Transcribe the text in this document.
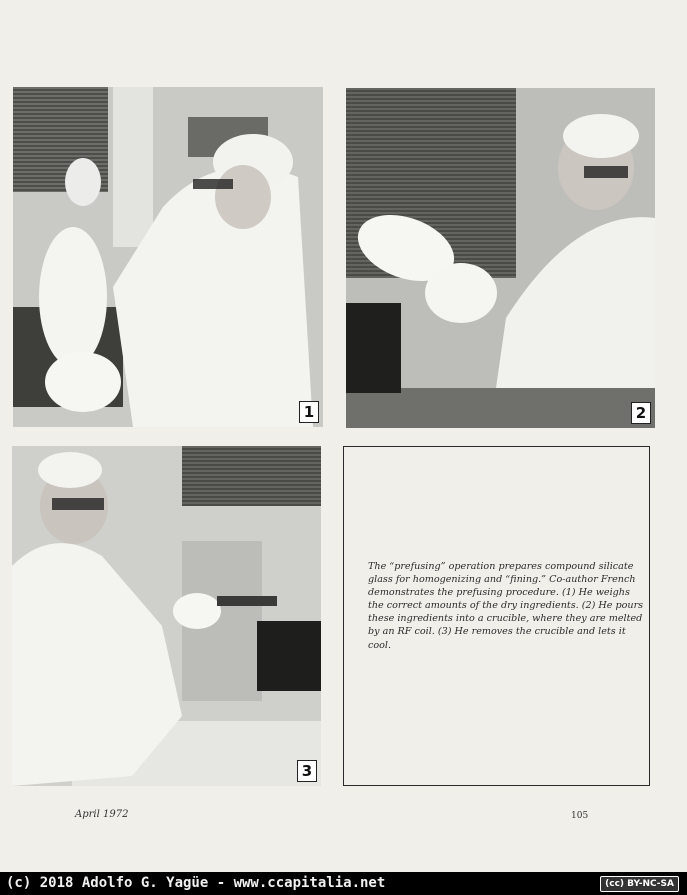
1	2
3
The “prefusing” operation prepares compound silicate glass for homogenizing and “fining.” Co-author French demonstrates the prefusing procedure. (1) He weighs the correct amounts of the dry ingredients. (2) He pours these ingredients into a crucible, where they are melted by an RF coil. (3) He removes the crucible and lets it cool.
April 1972	105
(c) 2018 Adolfo G. Yagüe - www.ccapitalia.net	(cc) BY-NC-SA
